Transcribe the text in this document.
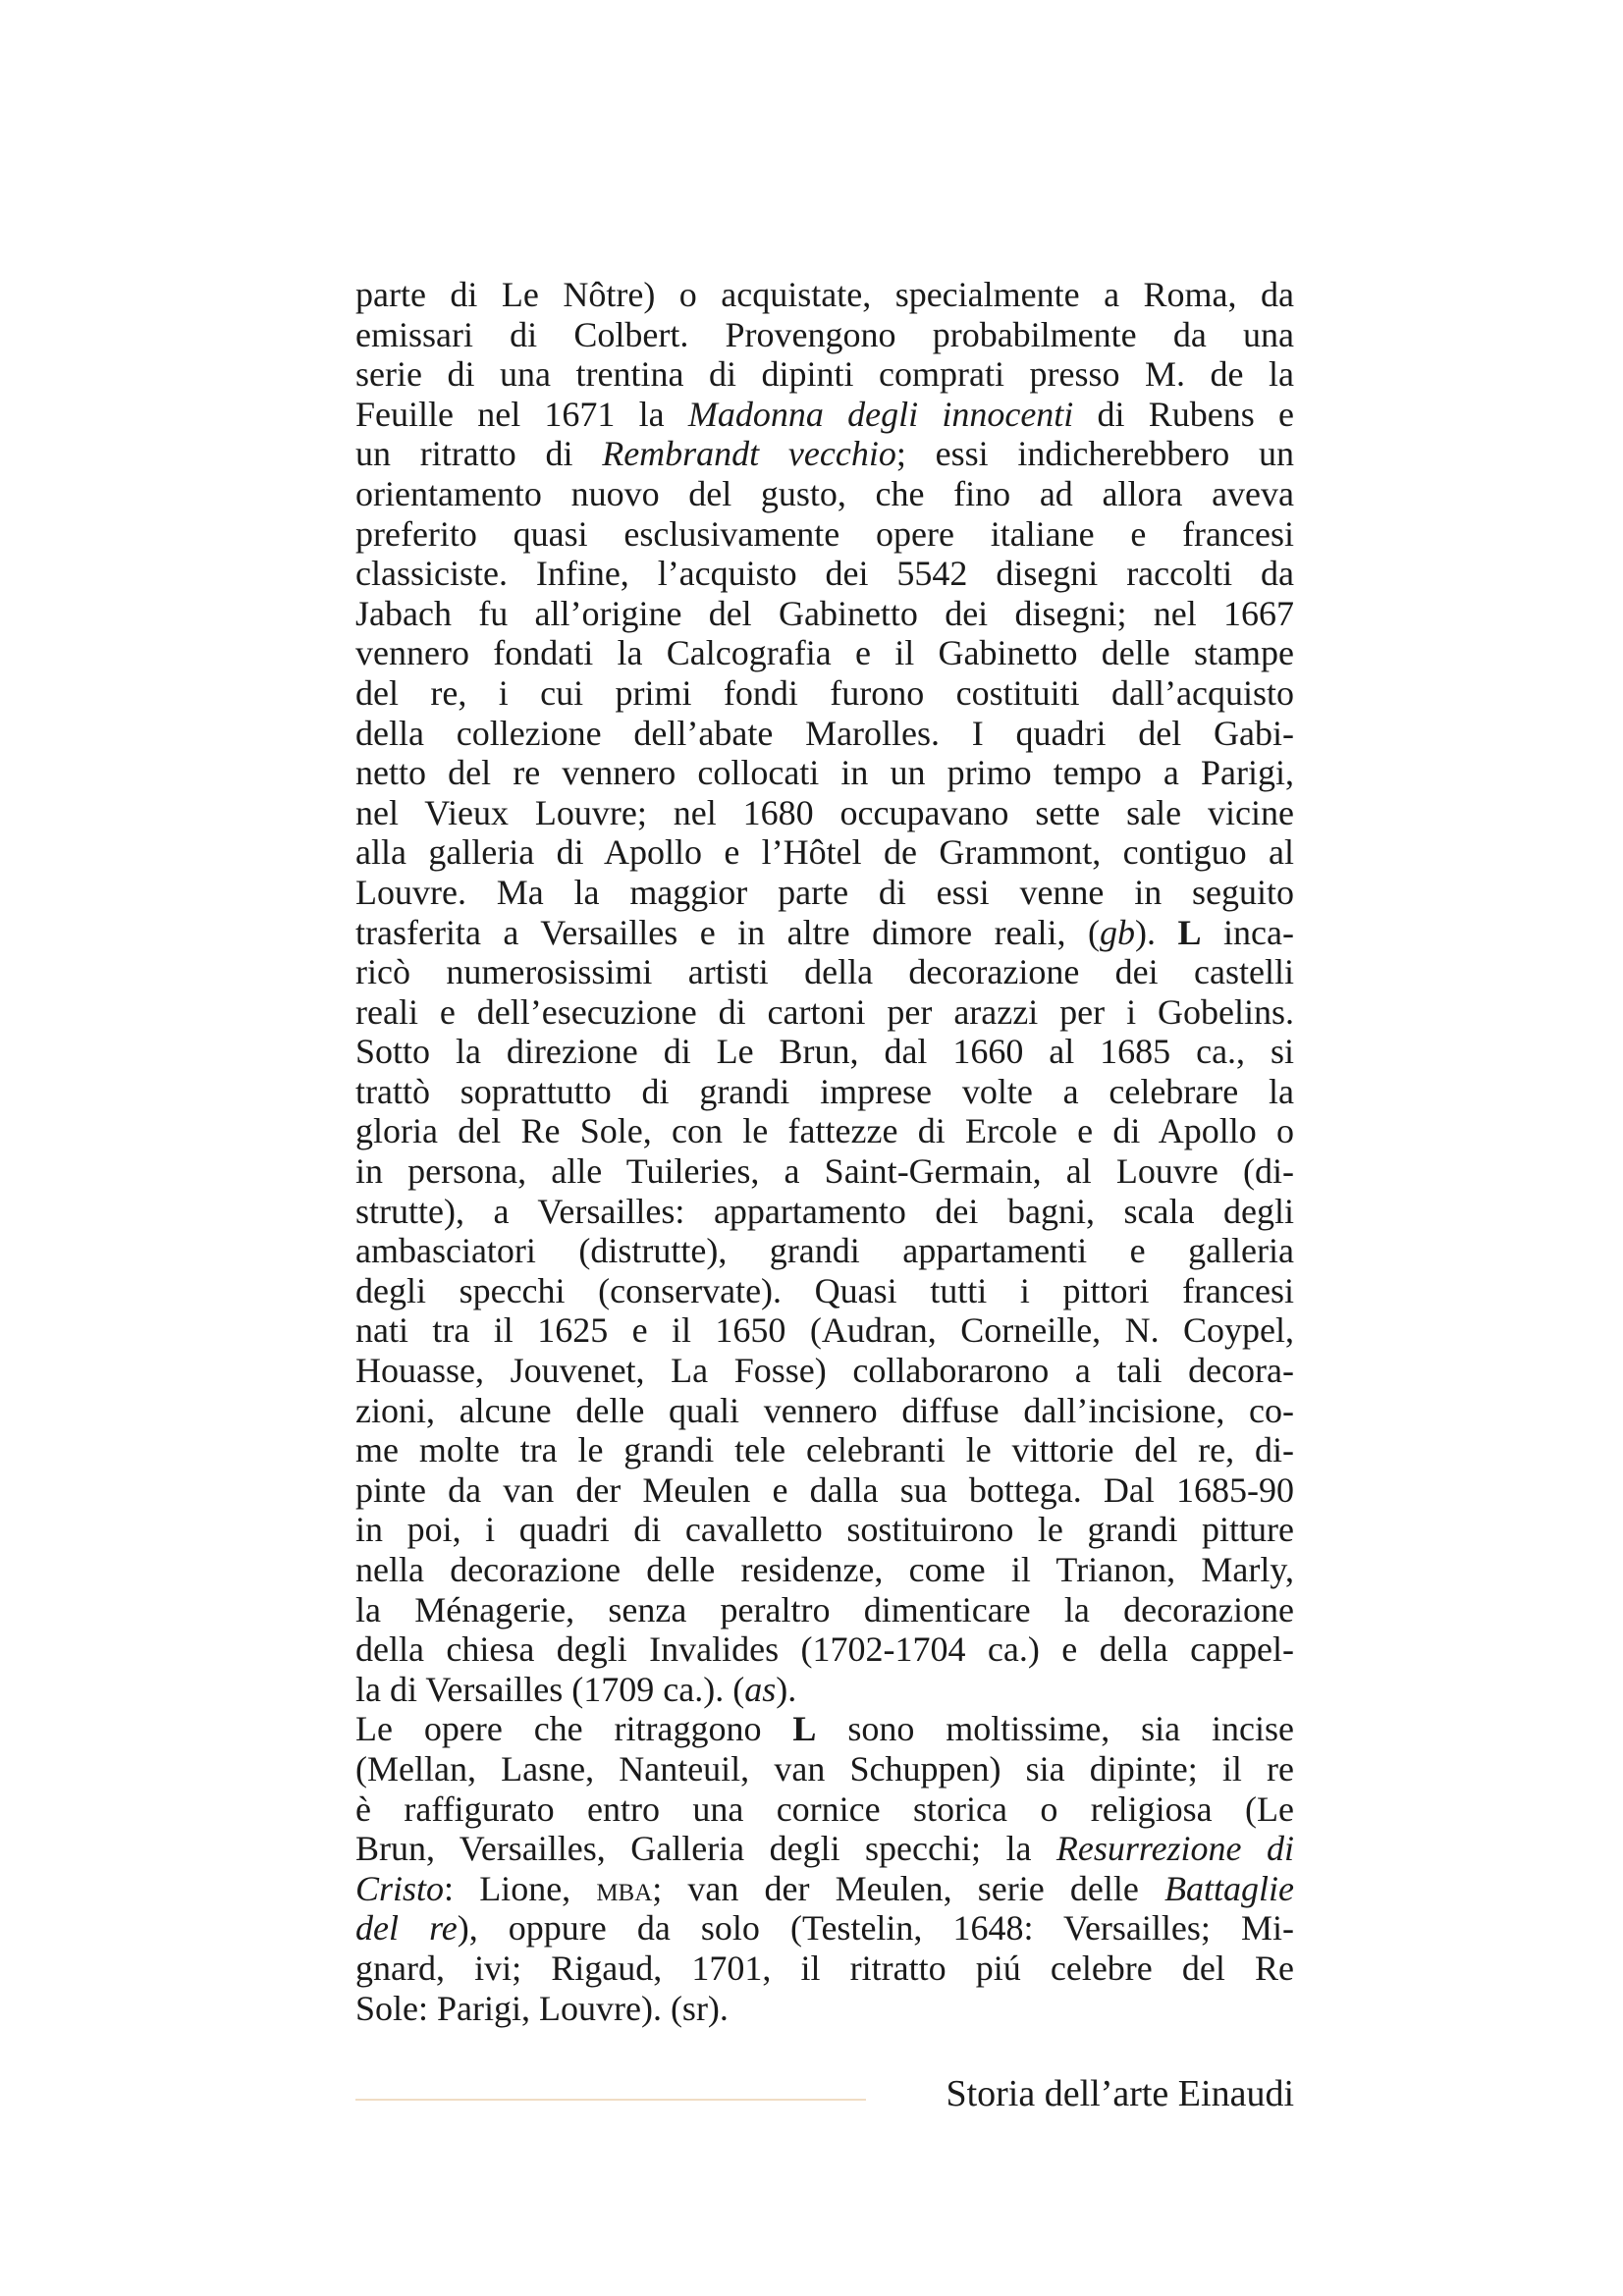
parte di Le Nôtre) o acquistate, specialmente a Roma, da
emissari di Colbert. Provengono probabilmente da una
serie di una trentina di dipinti comprati presso M. de la
Feuille nel 1671 la Madonna degli innocenti di Rubens e
un ritratto di Rembrandt vecchio; essi indicherebbero un
orientamento nuovo del gusto, che fino ad allora aveva
preferito quasi esclusivamente opere italiane e francesi
classiciste. Infine, l’acquisto dei 5542 disegni raccolti da
Jabach fu all’origine del Gabinetto dei disegni; nel 1667
vennero fondati la Calcografia e il Gabinetto delle stampe
del re, i cui primi fondi furono costituiti dall’acquisto
della collezione dell’abate Marolles. I quadri del Gabi-
netto del re vennero collocati in un primo tempo a Parigi,
nel Vieux Louvre; nel 1680 occupavano sette sale vicine
alla galleria di Apollo e l’Hôtel de Grammont, contiguo al
Louvre. Ma la maggior parte di essi venne in seguito
trasferita a Versailles e in altre dimore reali, (gb). L inca-
ricò numerosissimi artisti della decorazione dei castelli
reali e dell’esecuzione di cartoni per arazzi per i Gobelins.
Sotto la direzione di Le Brun, dal 1660 al 1685 ca., si
trattò soprattutto di grandi imprese volte a celebrare la
gloria del Re Sole, con le fattezze di Ercole e di Apollo o
in persona, alle Tuileries, a Saint-Germain, al Louvre (di-
strutte), a Versailles: appartamento dei bagni, scala degli
ambasciatori (distrutte), grandi appartamenti e galleria
degli specchi (conservate). Quasi tutti i pittori francesi
nati tra il 1625 e il 1650 (Audran, Corneille, N. Coypel,
Houasse, Jouvenet, La Fosse) collaborarono a tali decora-
zioni, alcune delle quali vennero diffuse dall’incisione, co-
me molte tra le grandi tele celebranti le vittorie del re, di-
pinte da van der Meulen e dalla sua bottega. Dal 1685-90
in poi, i quadri di cavalletto sostituirono le grandi pitture
nella decorazione delle residenze, come il Trianon, Marly,
la Ménagerie, senza peraltro dimenticare la decorazione
della chiesa degli Invalides (1702-1704 ca.) e della cappel-
la di Versailles (1709 ca.). (as).
Le opere che ritraggono L sono moltissime, sia incise
(Mellan, Lasne, Nanteuil, van Schuppen) sia dipinte; il re
è raffigurato entro una cornice storica o religiosa (Le
Brun, Versailles, Galleria degli specchi; la Resurrezione di
Cristo: Lione, mba; van der Meulen, serie delle Battaglie
del re), oppure da solo (Testelin, 1648: Versailles; Mi-
gnard, ivi; Rigaud, 1701, il ritratto piú celebre del Re
Sole: Parigi, Louvre). (sr).
Storia dell’arte Einaudi
